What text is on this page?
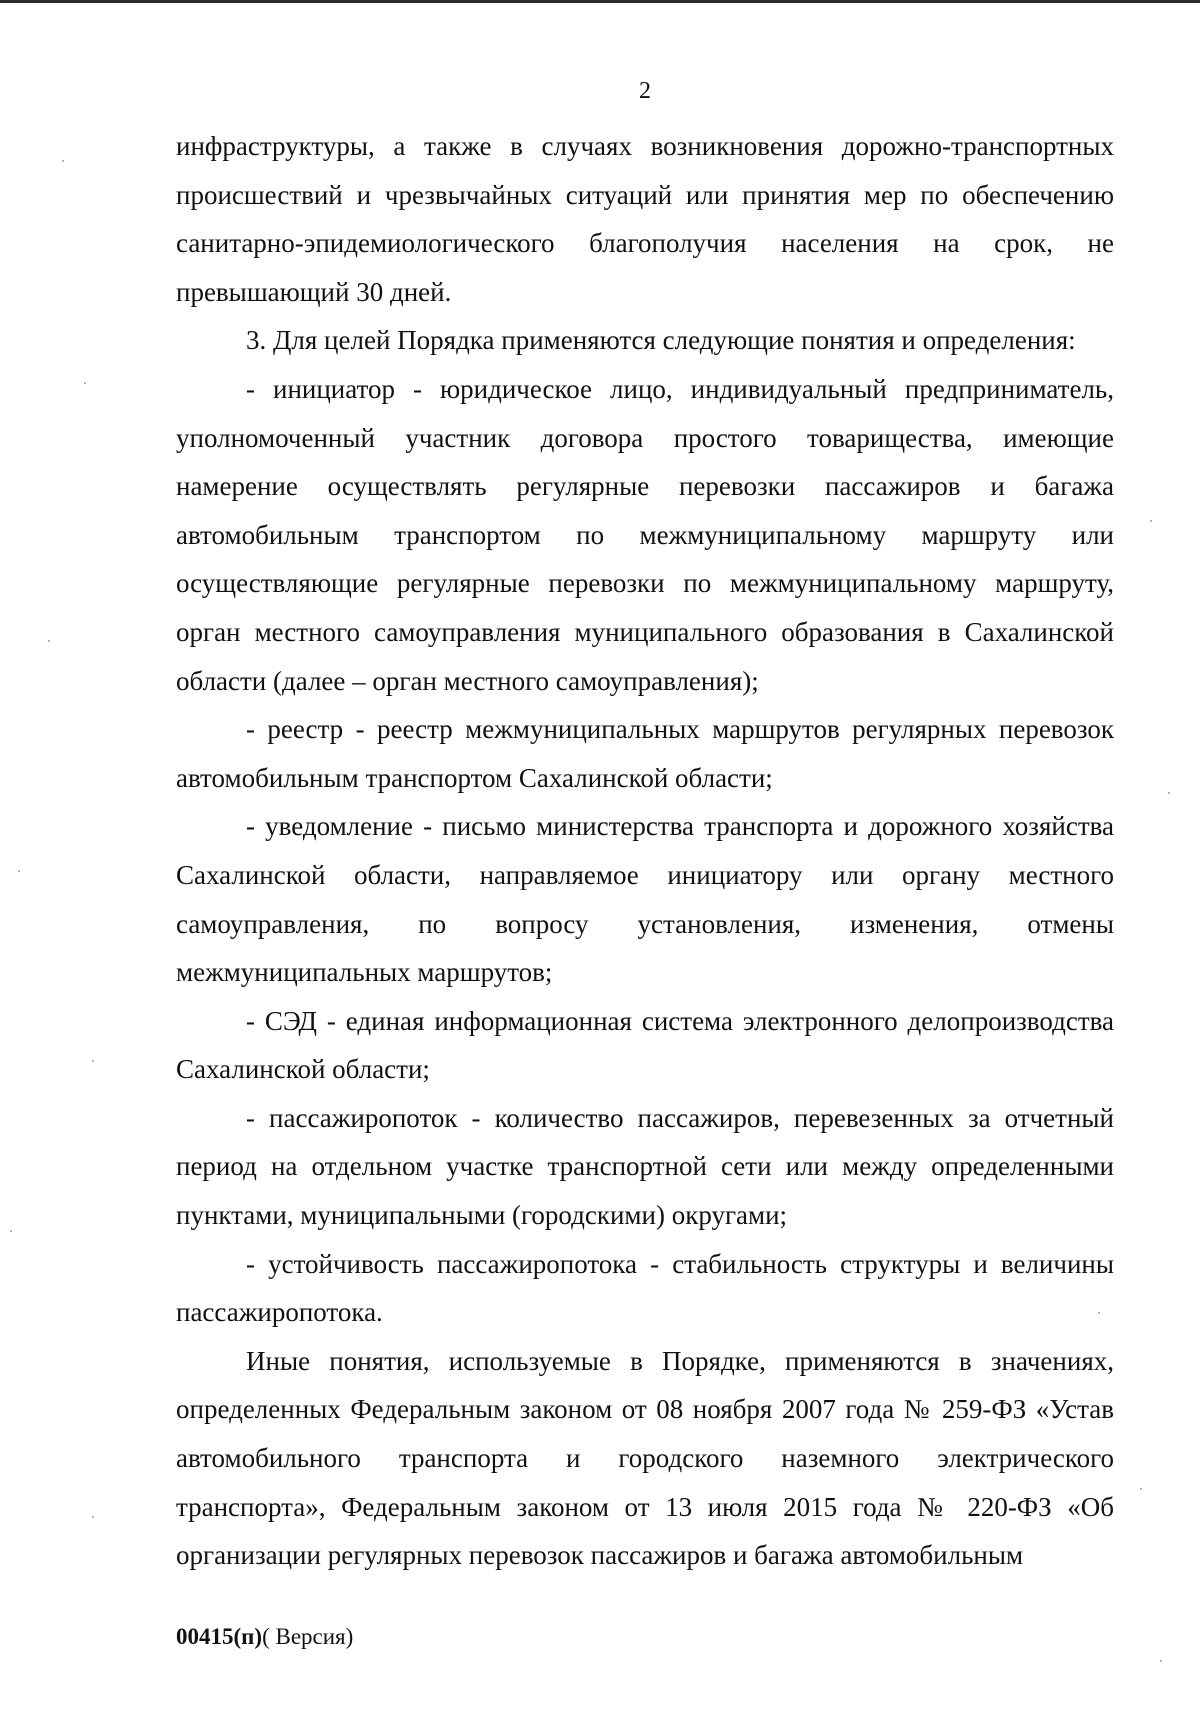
2

инфраструктуры, а также в случаях возникновения дорожно-транспортных происшествий и чрезвычайных ситуаций или принятия мер по обеспечению санитарно-эпидемиологического благополучия населения на срок, не превышающий 30 дней.

3. Для целей Порядка применяются следующие понятия и определения:

- инициатор - юридическое лицо, индивидуальный предприниматель, уполномоченный участник договора простого товарищества, имеющие намерение осуществлять регулярные перевозки пассажиров и багажа автомобильным транспортом по межмуниципальному маршруту или осуществляющие регулярные перевозки по межмуниципальному маршруту, орган местного самоуправления муниципального образования в Сахалинской области (далее – орган местного самоуправления);

- реестр - реестр межмуниципальных маршрутов регулярных перевозок автомобильным транспортом Сахалинской области;

- уведомление - письмо министерства транспорта и дорожного хозяйства Сахалинской области, направляемое инициатору или органу местного самоуправления, по вопросу установления, изменения, отмены межмуниципальных маршрутов;

- СЭД - единая информационная система электронного делопроизводства Сахалинской области;

- пассажиропоток - количество пассажиров, перевезенных за отчетный период на отдельном участке транспортной сети или между определенными пунктами, муниципальными (городскими) округами;

- устойчивость пассажиропотока - стабильность структуры и величины пассажиропотока.

Иные понятия, используемые в Порядке, применяются в значениях, определенных Федеральным законом от 08 ноября 2007 года № 259-ФЗ «Устав автомобильного транспорта и городского наземного электрического транспорта», Федеральным законом от 13 июля 2015 года № 220-ФЗ «Об организации регулярных перевозок пассажиров и багажа автомобильным

00415(п)( Версия)
